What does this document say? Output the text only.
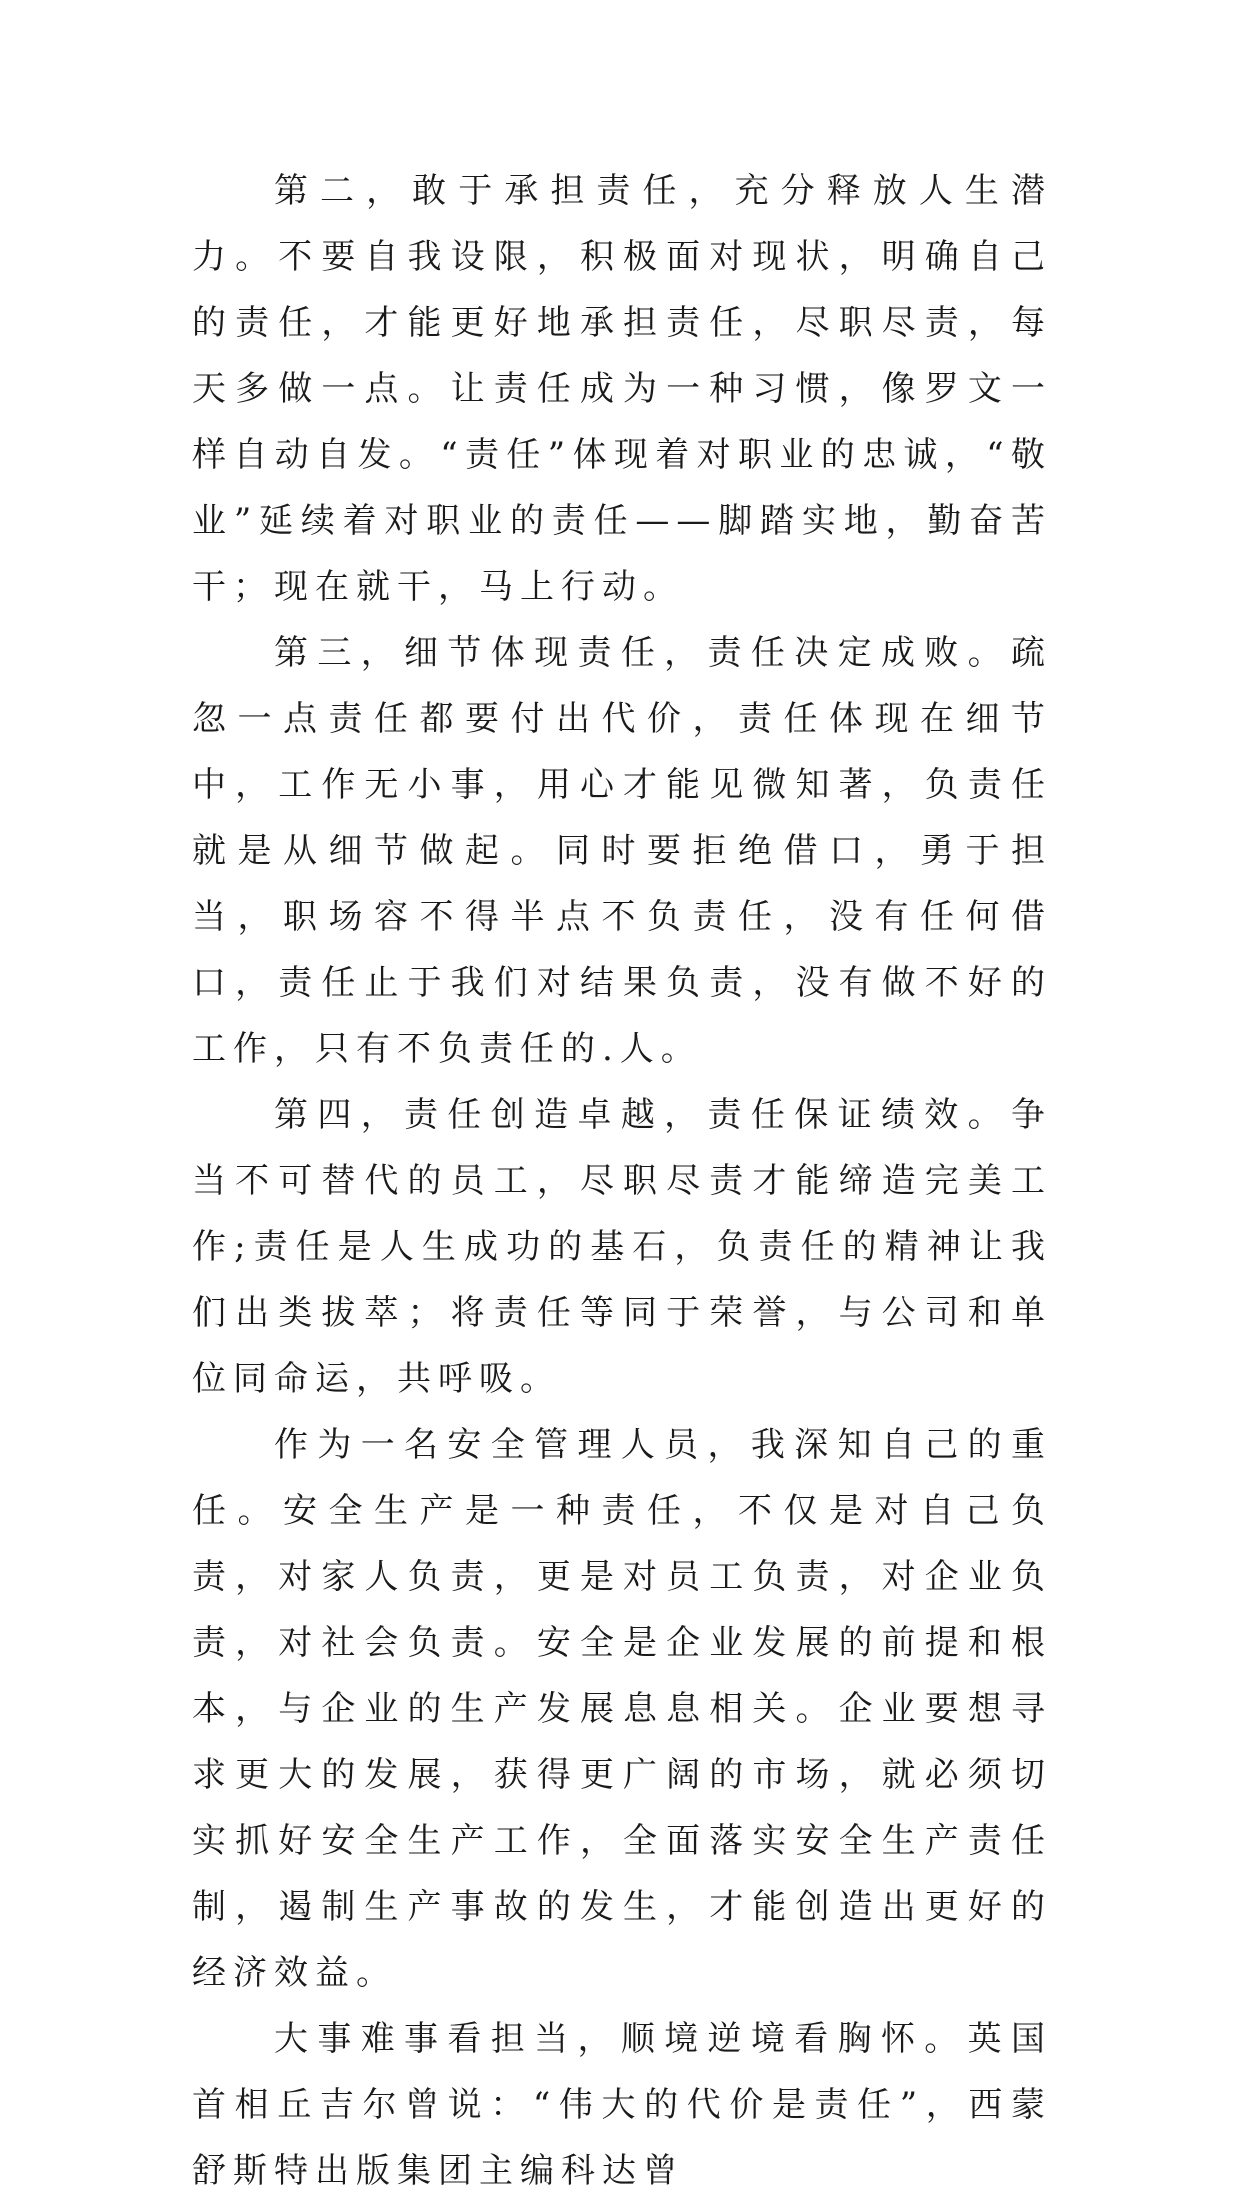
第二，敢于承担责任，充分释放人生潜力。不要自我设限，积极面对现状，明确自己的责任，才能更好地承担责任，尽职尽责，每天多做一点。让责任成为一种习惯，像罗文一样自动自发。“责任”体现着对职业的忠诚，“敬业”延续着对职业的责任——脚踏实地，勤奋苦干；现在就干，马上行动。

第三，细节体现责任，责任决定成败。疏忽一点责任都要付出代价，责任体现在细节中，工作无小事，用心才能见微知著，负责任就是从细节做起。同时要拒绝借口，勇于担当，职场容不得半点不负责任，没有任何借口，责任止于我们对结果负责，没有做不好的工作，只有不负责任的.人。

第四，责任创造卓越，责任保证绩效。争当不可替代的员工，尽职尽责才能缔造完美工作;责任是人生成功的基石，负责任的精神让我们出类拔萃；将责任等同于荣誉，与公司和单位同命运，共呼吸。

作为一名安全管理人员，我深知自己的重任。安全生产是一种责任，不仅是对自己负责，对家人负责，更是对员工负责，对企业负责，对社会负责。安全是企业发展的前提和根本，与企业的生产发展息息相关。企业要想寻求更大的发展，获得更广阔的市场，就必须切实抓好安全生产工作，全面落实安全生产责任制，遏制生产事故的发生，才能创造出更好的经济效益。

大事难事看担当，顺境逆境看胸怀。英国首相丘吉尔曾说：“伟大的代价是责任”，西蒙舒斯特出版集团主编科达曾
